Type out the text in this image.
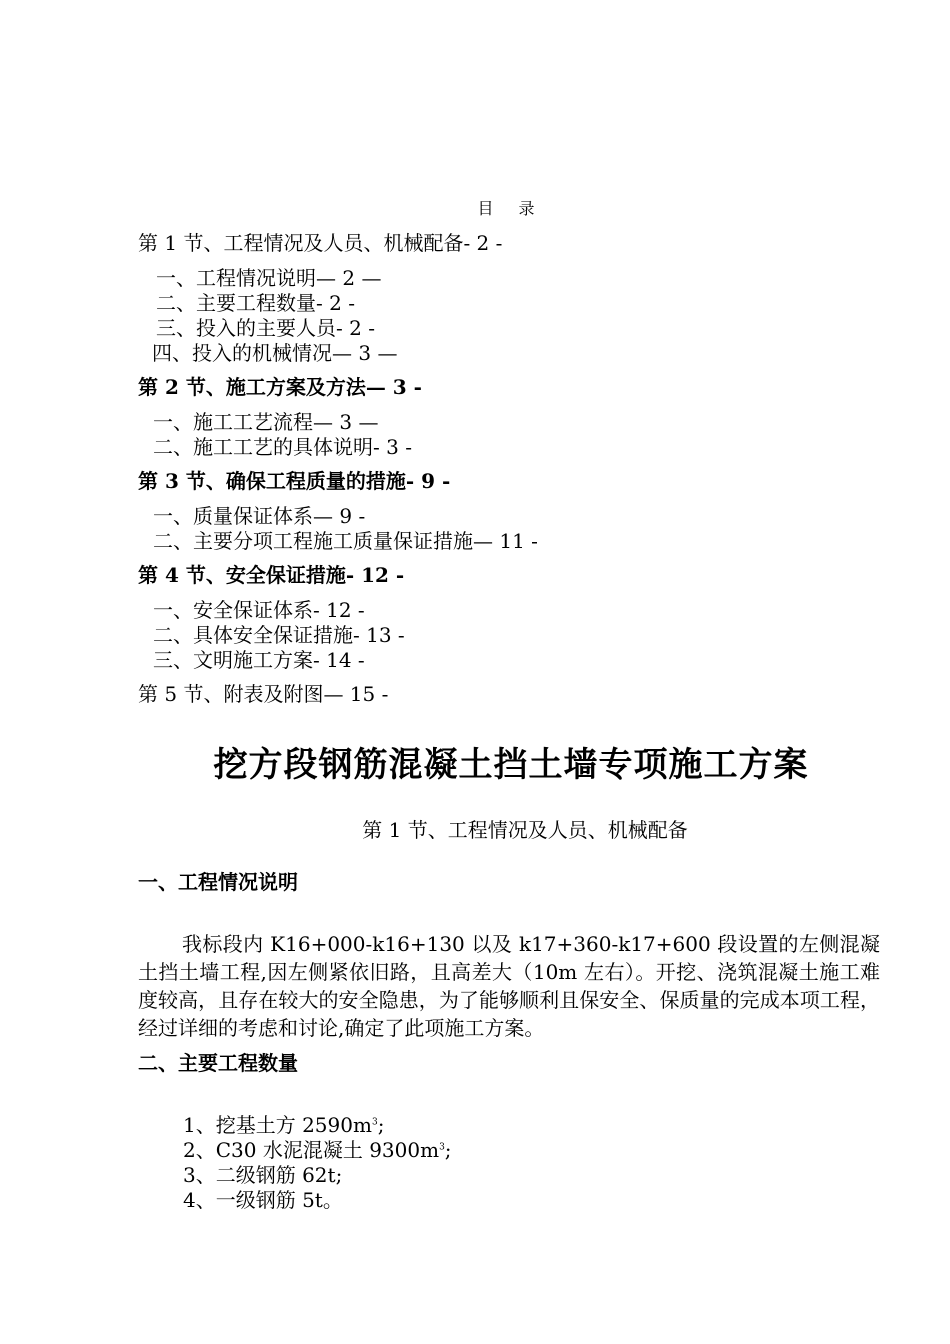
目 录
第 1 节、工程情况及人员、机械配备- 2 -
一、工程情况说明— 2 —
二、主要工程数量- 2 -
三、投入的主要人员- 2 -
四、投入的机械情况— 3 —
第 2 节、施工方案及方法— 3 -
一、施工工艺流程— 3 —
二、施工工艺的具体说明- 3 -
第 3 节、确保工程质量的措施- 9 -
一、质量保证体系— 9 -
二、主要分项工程施工质量保证措施— 11 -
第 4 节、安全保证措施- 12 -
一、安全保证体系- 12 -
二、具体安全保证措施- 13 -
三、文明施工方案- 14 -
第 5 节、附表及附图— 15 -
挖方段钢筋混凝土挡土墙专项施工方案
第 1 节、工程情况及人员、机械配备
一、工程情况说明
我标段内 K16+000-k16+130 以及 k17+360-k17+600 段设置的左侧混凝土挡土墙工程,因左侧紧依旧路，且高差大（10m 左右）。开挖、浇筑混凝土施工难度较高，且存在较大的安全隐患，为了能够顺利且保安全、保质量的完成本项工程，经过详细的考虑和讨论,确定了此项施工方案。
二、主要工程数量
1、挖基土方 $2590m^3$;
2、C30 水泥混凝土 $9300m^3$;
3、二级钢筋 62t;
4、一级钢筋 5t。
